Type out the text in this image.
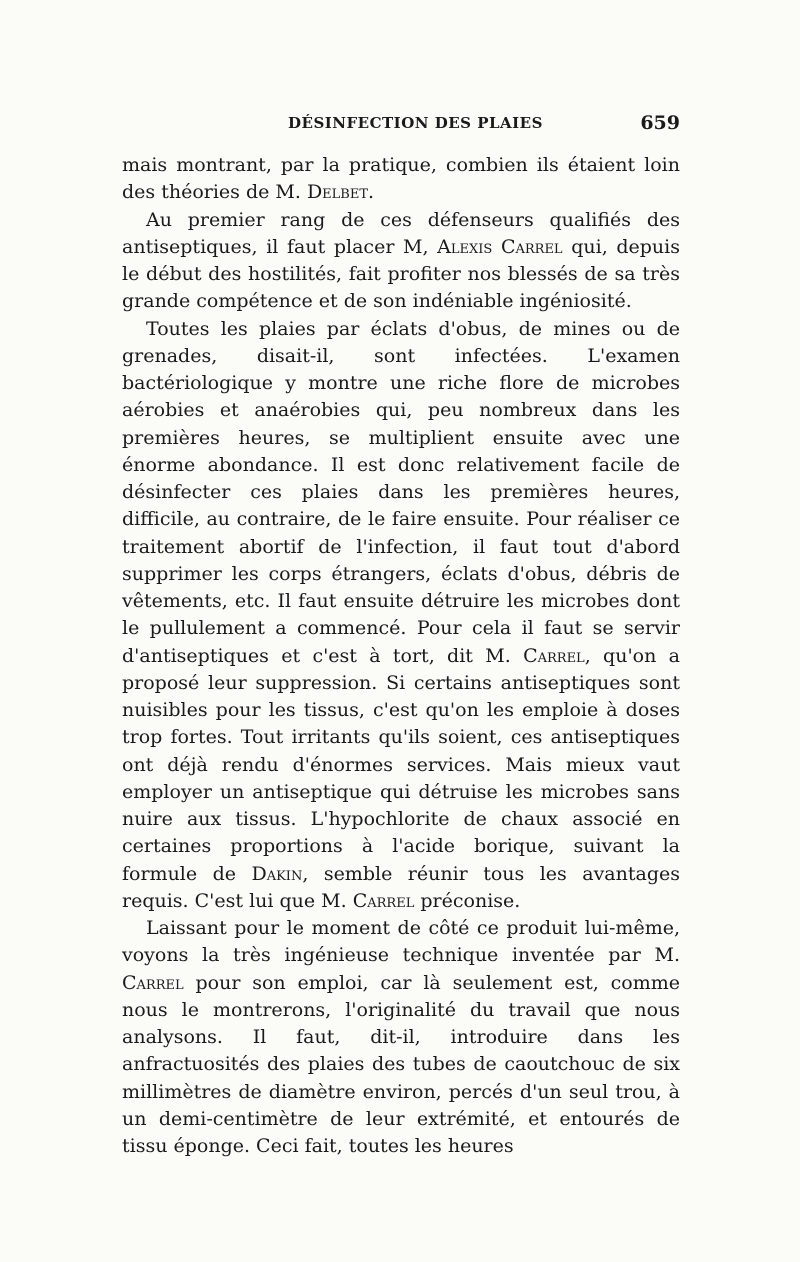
DÉSINFECTION DES PLAIES	659

mais montrant, par la pratique, combien ils étaient loin des théories de M. Delbet.

Au premier rang de ces défenseurs qualifiés des antiseptiques, il faut placer M, Alexis Carrel qui, depuis le début des hostilités, fait profiter nos blessés de sa très grande compétence et de son indéniable ingéniosité.

Toutes les plaies par éclats d'obus, de mines ou de grenades, disait-il, sont infectées. L'examen bactériologique y montre une riche flore de microbes aérobies et anaérobies qui, peu nombreux dans les premières heures, se multiplient ensuite avec une énorme abondance. Il est donc relativement facile de désinfecter ces plaies dans les premières heures, difficile, au contraire, de le faire ensuite. Pour réaliser ce traitement abortif de l'infection, il faut tout d'abord supprimer les corps étrangers, éclats d'obus, débris de vêtements, etc. Il faut ensuite détruire les microbes dont le pullulement a commencé. Pour cela il faut se servir d'antiseptiques et c'est à tort, dit M. Carrel, qu'on a proposé leur suppression. Si certains antiseptiques sont nuisibles pour les tissus, c'est qu'on les emploie à doses trop fortes. Tout irritants qu'ils soient, ces antiseptiques ont déjà rendu d'énormes services. Mais mieux vaut employer un antiseptique qui détruise les microbes sans nuire aux tissus. L'hypochlorite de chaux associé en certaines proportions à l'acide borique, suivant la formule de Dakin, semble réunir tous les avantages requis. C'est lui que M. Carrel préconise.

Laissant pour le moment de côté ce produit lui-même, voyons la très ingénieuse technique inventée par M. Carrel pour son emploi, car là seulement est, comme nous le montrerons, l'originalité du travail que nous analysons. Il faut, dit-il, introduire dans les anfractuosités des plaies des tubes de caoutchouc de six millimètres de diamètre environ, percés d'un seul trou, à un demi-centimètre de leur extrémité, et entourés de tissu éponge. Ceci fait, toutes les heures
